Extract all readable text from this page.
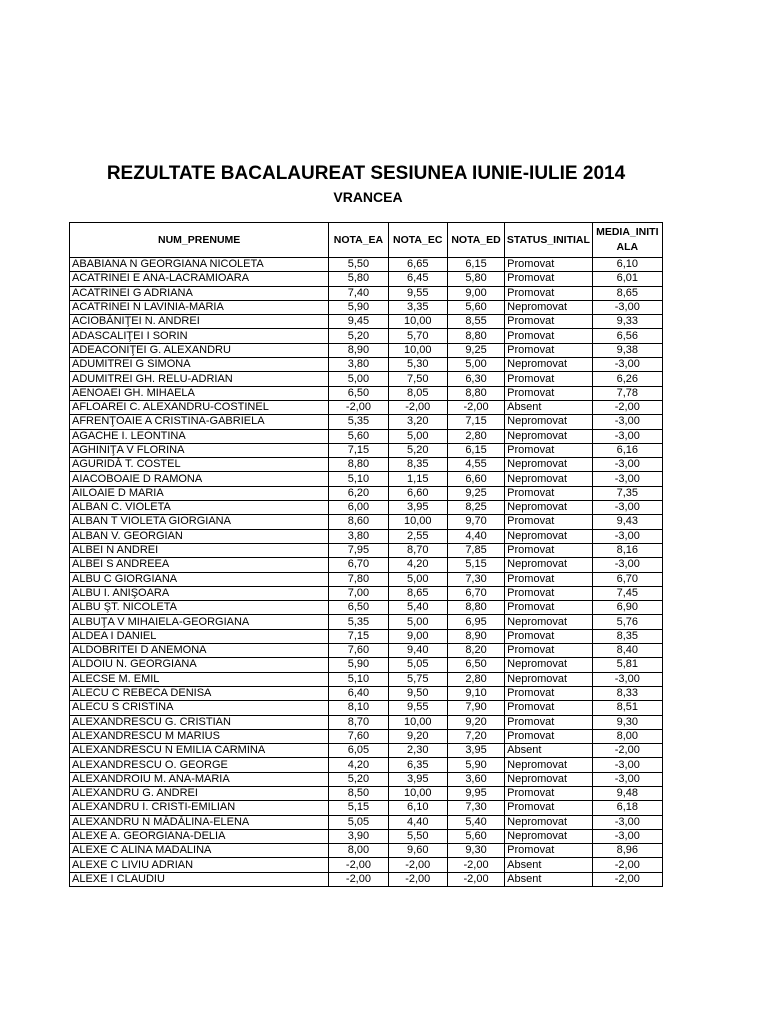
REZULTATE BACALAUREAT SESIUNEA IUNIE-IULIE 2014
VRANCEA
NUM_PRENUME	NOTA_EA	NOTA_EC	NOTA_ED	STATUS_INITIAL	MEDIA_INITIALA
ABABIANA N GEORGIANA NICOLETA	5,50	6,65	6,15	Promovat	6,10
ACATRINEI E ANA-LACRAMIOARA	5,80	6,45	5,80	Promovat	6,01
ACATRINEI G ADRIANA	7,40	9,55	9,00	Promovat	8,65
ACATRINEI N LAVINIA-MARIA	5,90	3,35	5,60	Nepromovat	-3,00
ACIOBĂNIŢEI N. ANDREI	9,45	10,00	8,55	Promovat	9,33
ADASCALIŢEI I SORIN	5,20	5,70	8,80	Promovat	6,56
ADEACONIŢEI G. ALEXANDRU	8,90	10,00	9,25	Promovat	9,38
ADUMITREI G SIMONA	3,80	5,30	5,00	Nepromovat	-3,00
ADUMITREI GH. RELU-ADRIAN	5,00	7,50	6,30	Promovat	6,26
AENOAEI GH. MIHAELA	6,50	8,05	8,80	Promovat	7,78
AFLOAREI C. ALEXANDRU-COSTINEL	-2,00	-2,00	-2,00	Absent	-2,00
AFRENŢOAIE A CRISTINA-GABRIELA	5,35	3,20	7,15	Nepromovat	-3,00
AGACHE I. LEONTINA	5,60	5,00	2,80	Nepromovat	-3,00
AGHINIŢA V FLORINA	7,15	5,20	6,15	Promovat	6,16
AGURIDĂ T. COSTEL	8,80	8,35	4,55	Nepromovat	-3,00
AIACOBOAIE D RAMONA	5,10	1,15	6,60	Nepromovat	-3,00
AILOAIE D MARIA	6,20	6,60	9,25	Promovat	7,35
ALBAN C. VIOLETA	6,00	3,95	8,25	Nepromovat	-3,00
ALBAN T VIOLETA GIORGIANA	8,60	10,00	9,70	Promovat	9,43
ALBAN V. GEORGIAN	3,80	2,55	4,40	Nepromovat	-3,00
ALBEI N ANDREI	7,95	8,70	7,85	Promovat	8,16
ALBEI S ANDREEA	6,70	4,20	5,15	Nepromovat	-3,00
ALBU C GIORGIANA	7,80	5,00	7,30	Promovat	6,70
ALBU I. ANIŞOARA	7,00	8,65	6,70	Promovat	7,45
ALBU ŞT. NICOLETA	6,50	5,40	8,80	Promovat	6,90
ALBUŢA V MIHAIELA-GEORGIANA	5,35	5,00	6,95	Nepromovat	5,76
ALDEA I DANIEL	7,15	9,00	8,90	Promovat	8,35
ALDOBRITEI D ANEMONA	7,60	9,40	8,20	Promovat	8,40
ALDOIU N. GEORGIANA	5,90	5,05	6,50	Nepromovat	5,81
ALECSE M. EMIL	5,10	5,75	2,80	Nepromovat	-3,00
ALECU C REBECA DENISA	6,40	9,50	9,10	Promovat	8,33
ALECU S CRISTINA	8,10	9,55	7,90	Promovat	8,51
ALEXANDRESCU G. CRISTIAN	8,70	10,00	9,20	Promovat	9,30
ALEXANDRESCU M MARIUS	7,60	9,20	7,20	Promovat	8,00
ALEXANDRESCU N EMILIA CARMINA	6,05	2,30	3,95	Absent	-2,00
ALEXANDRESCU O. GEORGE	4,20	6,35	5,90	Nepromovat	-3,00
ALEXANDROIU M. ANA-MARIA	5,20	3,95	3,60	Nepromovat	-3,00
ALEXANDRU G. ANDREI	8,50	10,00	9,95	Promovat	9,48
ALEXANDRU I. CRISTI-EMILIAN	5,15	6,10	7,30	Promovat	6,18
ALEXANDRU N MĂDĂLINA-ELENA	5,05	4,40	5,40	Nepromovat	-3,00
ALEXE A. GEORGIANA-DELIA	3,90	5,50	5,60	Nepromovat	-3,00
ALEXE C ALINA MADALINA	8,00	9,60	9,30	Promovat	8,96
ALEXE C LIVIU ADRIAN	-2,00	-2,00	-2,00	Absent	-2,00
ALEXE I CLAUDIU	-2,00	-2,00	-2,00	Absent	-2,00
